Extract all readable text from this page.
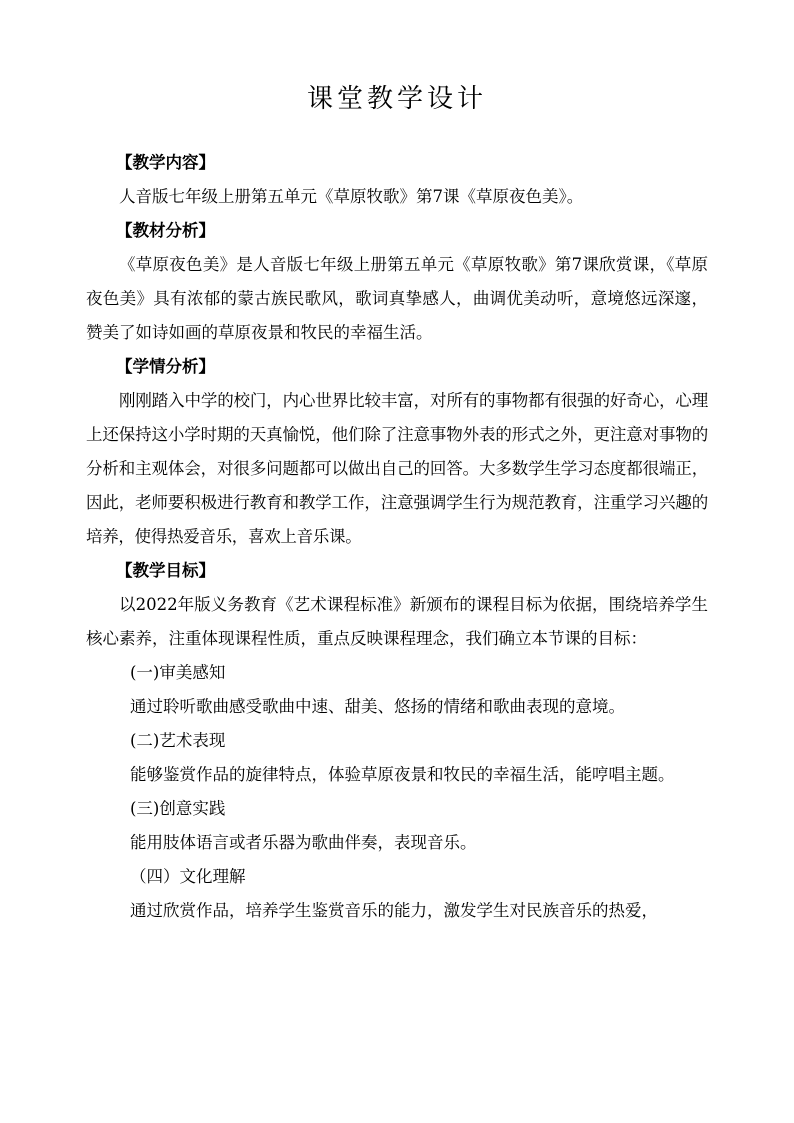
课堂教学设计

【教学内容】

人音版七年级上册第五单元《草原牧歌》第7课《草原夜色美》。

【教材分析】

《草原夜色美》是人音版七年级上册第五单元《草原牧歌》第7课欣赏课，《草原夜色美》具有浓郁的蒙古族民歌风，歌词真挚感人，曲调优美动听，意境悠远深邃，赞美了如诗如画的草原夜景和牧民的幸福生活。

【学情分析】

刚刚踏入中学的校门，内心世界比较丰富，对所有的事物都有很强的好奇心，心理上还保持这小学时期的天真愉悦，他们除了注意事物外表的形式之外，更注意对事物的分析和主观体会，对很多问题都可以做出自己的回答。大多数学生学习态度都很端正，因此，老师要积极进行教育和教学工作，注意强调学生行为规范教育，注重学习兴趣的培养，使得热爱音乐，喜欢上音乐课。

【教学目标】

以2022年版义务教育《艺术课程标准》新颁布的课程目标为依据，围绕培养学生核心素养，注重体现课程性质，重点反映课程理念，我们确立本节课的目标：

(一)审美感知

通过聆听歌曲感受歌曲中速、甜美、悠扬的情绪和歌曲表现的意境。

(二)艺术表现

能够鉴赏作品的旋律特点，体验草原夜景和牧民的幸福生活，能哼唱主题。

(三)创意实践

能用肢体语言或者乐器为歌曲伴奏，表现音乐。

（四）文化理解

通过欣赏作品，培养学生鉴赏音乐的能力，激发学生对民族音乐的热爱，
